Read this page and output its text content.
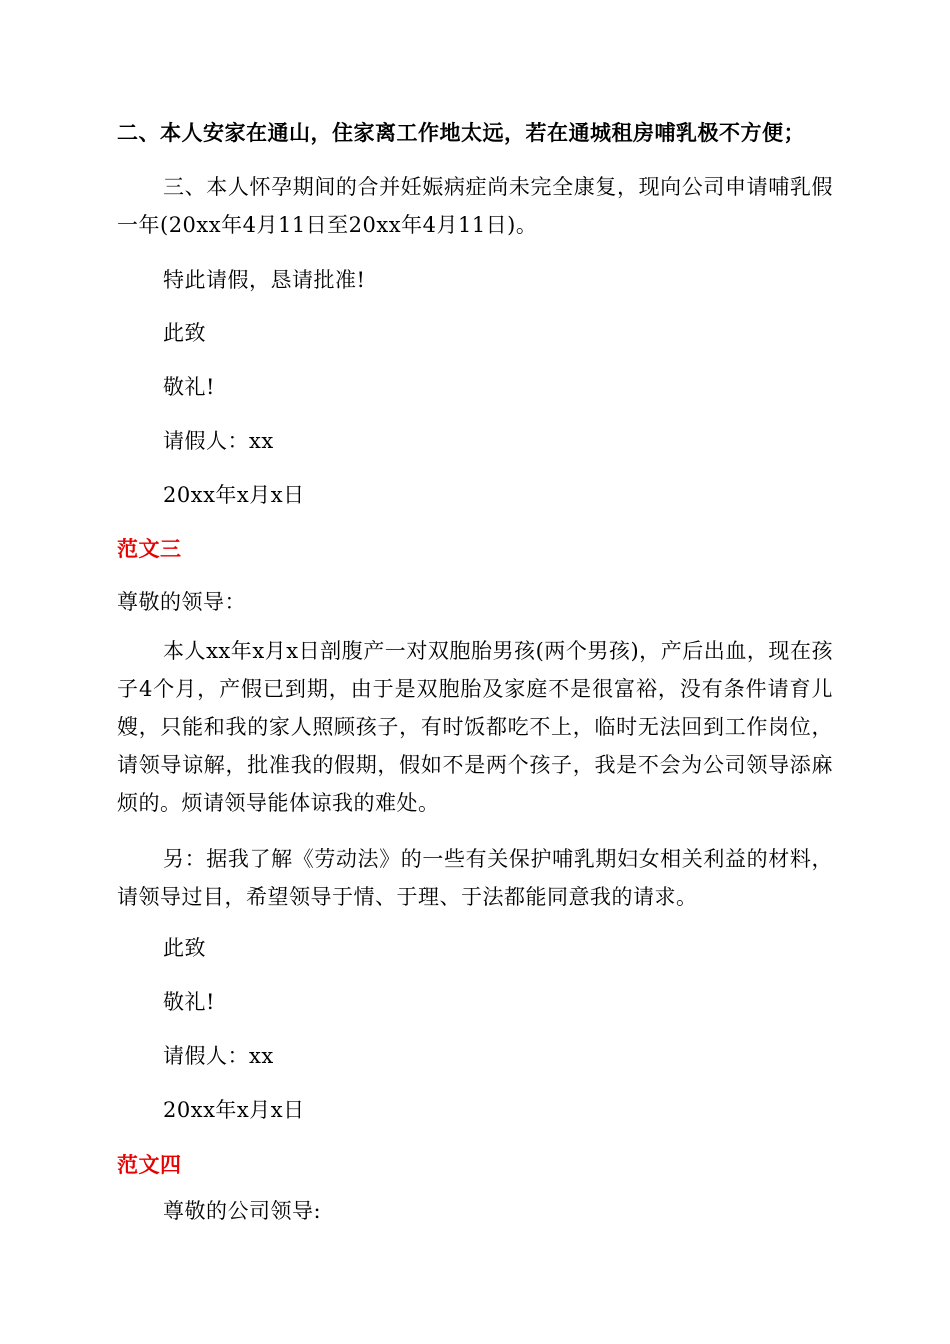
二、本人安家在通山，住家离工作地太远，若在通城租房哺乳极不方便；
三、本人怀孕期间的合并妊娠病症尚未完全康复，现向公司申请哺乳假一年(20xx年4月11日至20xx年4月11日)。
特此请假，恳请批准!
此致
敬礼!
请假人：xx
20xx年x月x日
范文三
尊敬的领导：
本人xx年x月x日剖腹产一对双胞胎男孩(两个男孩)，产后出血，现在孩子4个月，产假已到期，由于是双胞胎及家庭不是很富裕，没有条件请育儿嫂，只能和我的家人照顾孩子，有时饭都吃不上，临时无法回到工作岗位，请领导谅解，批准我的假期，假如不是两个孩子，我是不会为公司领导添麻烦的。烦请领导能体谅我的难处。
另：据我了解《劳动法》的一些有关保护哺乳期妇女相关利益的材料，请领导过目，希望领导于情、于理、于法都能同意我的请求。
此致
敬礼!
请假人：xx
20xx年x月x日
范文四
尊敬的公司领导:
